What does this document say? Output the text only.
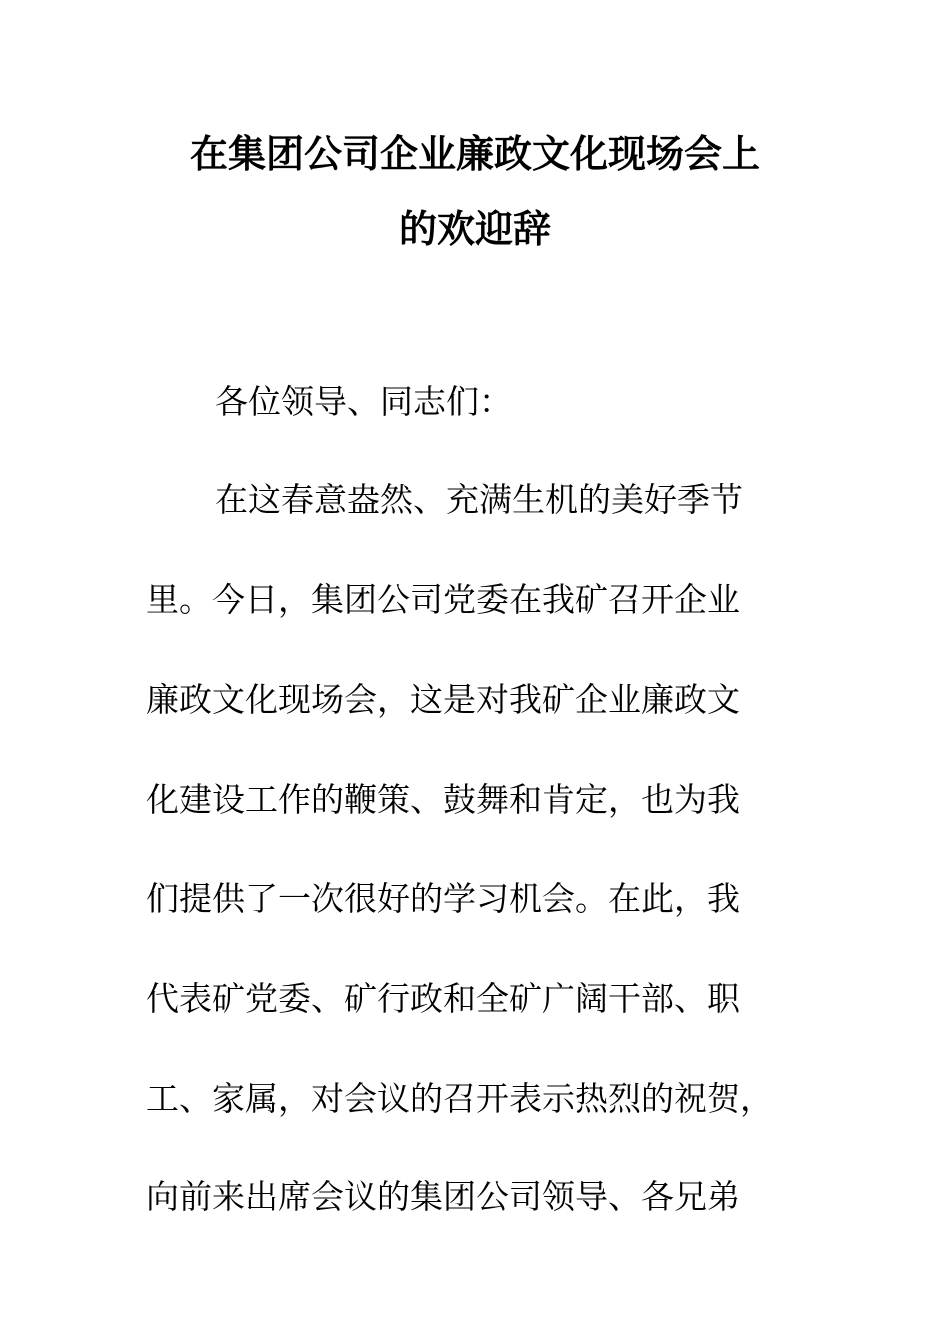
在集团公司企业廉政文化现场会上
的欢迎辞
各位领导、同志们：
在这春意盎然、充满生机的美好季节
里。今日，集团公司党委在我矿召开企业
廉政文化现场会，这是对我矿企业廉政文
化建设工作的鞭策、鼓舞和肯定，也为我
们提供了一次很好的学习机会。在此，我
代表矿党委、矿行政和全矿广阔干部、职
工、家属，对会议的召开表示热烈的祝贺，
向前来出席会议的集团公司领导、各兄弟
